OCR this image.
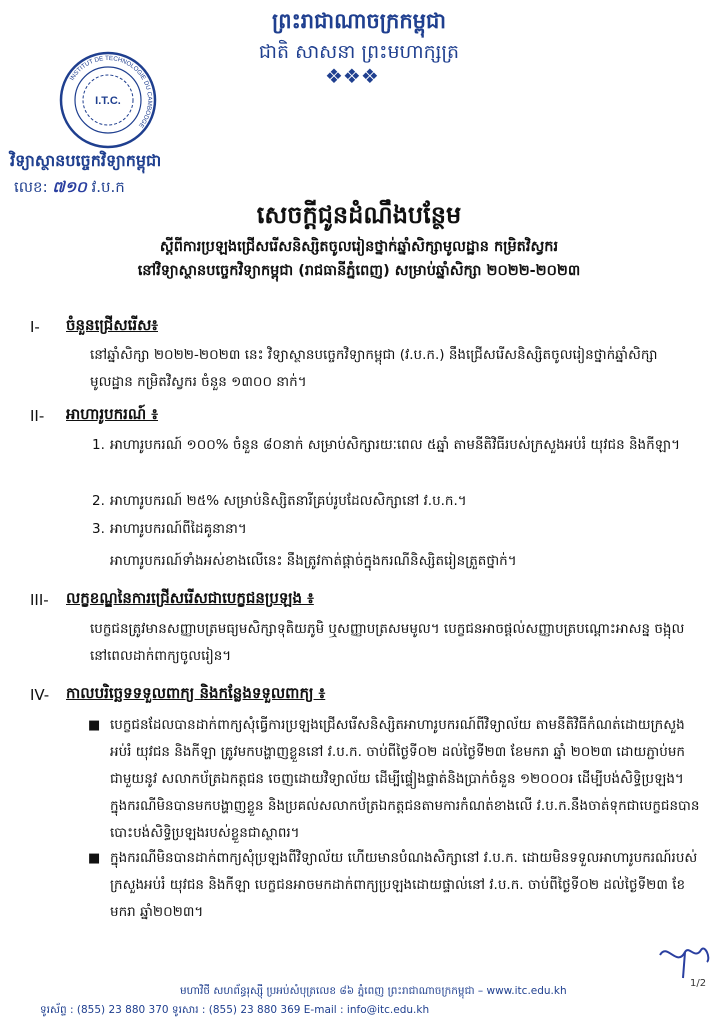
ព្រះរាជាណាចក្រកម្ពុជា
ជាតិ សាសនា ព្រះមហាក្សត្រ
❖❖❖
INSTITUT DE TECHNOLOGIE DU CAMBODGE
I.T.C.
វិទ្យាស្ថានបច្ចេកវិទ្យាកម្ពុជា
លេខ: ៧១០ វ.ប.ក
សេចក្តីជូនដំណឹងបន្ថែម
ស្តីពីការប្រឡងជ្រើសរើសនិស្សិតចូលរៀនថ្នាក់ឆ្នាំសិក្សាមូលដ្ឋាន កម្រិតវិស្វករ
នៅវិទ្យាស្ថានបច្ចេកវិទ្យាកម្ពុជា (រាជធានីភ្នំពេញ) សម្រាប់ឆ្នាំសិក្សា ២០២២-២០២៣
I- ចំនួនជ្រើសរើស៖
នៅឆ្នាំសិក្សា ២០២២-២០២៣ នេះ វិទ្យាស្ថានបច្ចេកវិទ្យាកម្ពុជា (វ.ប.ក.) នឹងជ្រើសរើសនិស្សិតចូលរៀនថ្នាក់ឆ្នាំសិក្សាមូលដ្ឋាន កម្រិតវិស្វករ ចំនួន ១៣០០ នាក់។
II- អាហារូបករណ៍ ៖
1. អាហារូបករណ៍ ១០០% ចំនួន ៨០នាក់ សម្រាប់សិក្សារយៈពេល ៥ឆ្នាំ តាមនីតិវិធីរបស់ក្រសួងអប់រំ យុវជន និងកីឡា។
2. អាហារូបករណ៍ ២៥% សម្រាប់និស្សិតនារីគ្រប់រូបដែលសិក្សានៅ វ.ប.ក.។
3. អាហារូបករណ៍ពីដៃគូនានា។
អាហារូបករណ៍ទាំងអស់ខាងលើនេះ នឹងត្រូវកាត់ផ្តាច់ក្នុងករណីនិស្សិតរៀនត្រួតថ្នាក់។
III- លក្ខខណ្ឌនៃការជ្រើសរើសជាបេក្ខជនប្រឡង ៖
បេក្ខជនត្រូវមានសញ្ញាបត្រមធ្យមសិក្សាទុតិយភូមិ ឬសញ្ញាបត្រសមមូល។ បេក្ខជនអាចផ្តល់សញ្ញាបត្របណ្តោះអាសន្ន ចង្អុលនៅពេលដាក់ពាក្យចូលរៀន។
IV- កាលបរិច្ឆេទទទួលពាក្យ និងកន្លែងទទួលពាក្យ ៖
■ បេក្ខជនដែលបានដាក់ពាក្យសុំធ្វើការប្រឡងជ្រើសរើសនិស្សិតអាហារូបករណ៍ពីវិទ្យាល័យ តាមនីតិវិធីកំណត់ដោយក្រសួងអប់រំ យុវជន និងកីឡា ត្រូវមកបង្ហាញខ្លួននៅ វ.ប.ក. ចាប់ពីថ្ងៃទី០២ ដល់ថ្ងៃទី២៣ ខែមករា ឆ្នាំ ២០២៣ ដោយភ្ជាប់មកជាមួយនូវ សលាកប័ត្រឯកត្តជន ចេញដោយវិទ្យាល័យ ដើម្បីផ្ទៀងផ្ទាត់និងប្រាក់ចំនួន ១២០០០៛ ដើម្បីបង់សិទ្ធិប្រឡង។ ក្នុងករណីមិនបានមកបង្ហាញខ្លួន និងប្រគល់សលាកប័ត្រឯកត្តជនតាមការកំណត់ខាងលើ វ.ប.ក.នឹងចាត់ទុកជាបេក្ខជនបានបោះបង់សិទ្ធិប្រឡងរបស់ខ្លួនជាស្ថាពរ។
■ ក្នុងករណីមិនបានដាក់ពាក្យសុំប្រឡងពីវិទ្យាល័យ ហើយមានបំណងសិក្សានៅ វ.ប.ក. ដោយមិនទទួលអាហារូបករណ៍របស់ក្រសួងអប់រំ យុវជន និងកីឡា បេក្ខជនអាចមកដាក់ពាក្យប្រឡងដោយផ្ទាល់នៅ វ.ប.ក. ចាប់ពីថ្ងៃទី០២ ដល់ថ្ងៃទី២៣ ខែមករា ឆ្នាំ២០២៣។
1/2
មហាវិថី សហព័ន្ធរុស្ស៊ី ប្រអប់សំបុត្រលេខ ៨៦ ភ្នំពេញ ព្រះរាជាណាចក្រកម្ពុជា – www.itc.edu.kh
ទូរស័ព្ទ : (855) 23 880 370 ទូរសារ : (855) 23 880 369 E-mail : info@itc.edu.kh
